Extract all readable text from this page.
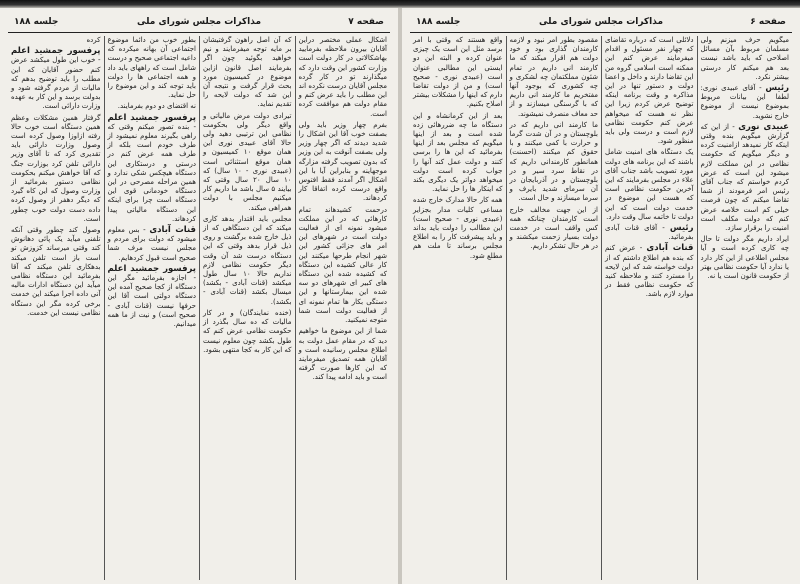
صفحه ۷
مذاکرات مجلس شورای ملی
جلسه ۱۸۸

اشکال عملی مختصر دراین آقایان بیرون ملاحظه بفرمایید بهاشکالاتی در کار دولت است وزارت کشور این وقت دارد که میگذارند تو در کار گرده مجلس آقایان درست نکرده اند این مطلب را باید عرض کنم و مقام دولت هم موافقت کرده است.

بفرم چهار وزیر باید ولی بصفت خوب آقا این اشکال را شدید دیدند که اگر چهار وزیر ولی بصفت آنوقت به این وزیر که بدون تصویب گرفته مزارگه موجهاینه و بنابراین آیا با این اشکال اگر آمدند فقط افتوس واقع درست کرده اتفاقا کار کردهاند.

درحمت کشیدهاند تمام کارهائی که در این مملکت میشود نمونه ای از فعالیت دولت است در شهرهای این امر های جزائی کشور این شهر انجام طرحها میکنند این کار عالی کشیده این دستگاه که کشیده شده این دستگاه های کبیر ای شهرهای دو سه شده این بیمارستانها و این دستگی بکار ها تمام نمونه ای از فعالیت دولت است شما متوجه نمیکنید.

شما از این موضوع ما خواهیم دید که در مقام عمل دولت به اطلاع مجلس رسانیده است و آقایان همه تصدیق میفرمایند که این کارها صورت گرفته است و باید ادامه پیدا کند.

که آن اصل راهون گرفتیشان بر مایه توجه میفرمایند و نیم خواهید بگوئید چون اگر بفرمایند اصل قانون ازاین موضوع در کمیسیون مورد بحث قرار گرفت و نتیجه آن این شد که دولت لایحه را تقدیم نماید.

تیرادی دولت مرض مالیاتی و واقع دیگر ولی بحکومت نظامی این ترتیبی دهید ولی حالا آقای عبیدی نوری این همان موقع ۱۰ کمیسیون و همان موقع استثنائی است (عبیدی نوری - ۱۰ سال) که ۱۰ سال ۲۰ سال وقتی که بیایند ۵ سال باشد ما داریم کار میکنیم مجلس با دولت همراهی میکند.

مجلس باید اقتدار بدهد کاری میکند که این دستگاهی که از ذیل خارج شده برگشت و روی ذیل قرار بدهد وقتی که این دستگاه درست شد آن وقت دیگر حکومت نظامی لازم نداریم حالا ۱۰ سال طول میکشد (قنات آبادی - بکشد) میسال بکشد (قنات آبادی - بکشد).

(خنده نمایندگان) و در کار مالیات که ده سال بگذرد از حکومت نظامی عرض کنم که طول بکشد چون معلوم نیست که این کار به کجا منتهی بشود.

بطور خوب من دائما موضوع اجتماعی آن بهانه میکرده که داعیه اجتماعی صحیح و درست شامل است که راههای باید داد و همه اجتماعی ها را دولت باید توجه کند و این موضوع را حل نماید.

نه اقتضای دو دوم بفرمایند.

پرفسور جمشید اعلم - بنده تصور میکنم وقتی که راهی بگیرند معلوم نمیشود از طرف خودم است بلکه از طرف همه عرض کنم در درستی و درستکاری این دستگاه هیچکس شکی ندارد و همین مراحله مصرحی در این دستگاه خودمانی قوی این دستگاه است چرا برای اینکه این دستگاه مالیاتی پیدا کردهاند.

قنات آبادی - بس معلوم میشود که دولت برای مردم و مجلس نیست مرف شما صحیح است قبول کردهایم.

پرفسور جمشید اعلم - اجازه بفرمائید مگر این دستگاه از کجا صحیح آمده این دستگاه دولتی است آقا این حرفها نیست (قنات آبادی - صحیح است) و نیت از ما همه میدانیم.

کرده

پرفسور جمشید اعلم - خوب این طول میکشد عرض کنم حضور آقایان که این مطلب را باید توضیح بدهم که مالیات از مردم گرفته شود و بدولت برسد و این کار به عهده وزارت دارائی است.

گرفتار همین مشکلات وعظم همین دستگاه است خوب حالا رفته ازاوزا وصول کرده است وصول وزارت دارائی باید تقدیری کرد که تا آقای وزیر دارائی تلفن کرد بوزارت جنگ که آقا خواهش میکنم بحکومت نظامی دستور بفرمائید از وزارت وصول که این کاه گیرد که دیگر دهفر از وصول کرده داده دست دولت خوب چطور است.

وصول کند چطور وقتی آنکه تلفنی میآید یک پائی دهانوش کند وقتی میرساند کزوزش تو است باز است تلفن میکند بدهکاری تلفن میکند که آقا بفرمائید این دستگاه نظامی میآید این دستگاه ادارات مالیه آنی داده اجرا میکند این خدمت برخی کرده مگر این دستگاه نظامی نیست این خدمت.

صفحه ۶
مذاکرات مجلس شورای ملی
جلسه ۱۸۸

میگویم حرف میزنم ولی مسلمان مربوط بآن مسائل اصلاحی که باید باشد نیست بعد هم میکنم کار درستی بیشتر نکرد.

رئیس - آقای عبیدی نوری: لطفا این بیانات مربوط بموضوع نیست از موضوع خارج نشوید.

عبیدی نوری - از این که گزارش میگویم بنده وقتی اینکه کار نمیدهد ازامنیت کرده و دیگر میگویم که حکومت نظامی در این مملکت لازم میشود این است که عرض کردم خواستم که جناب آقای رئیس امر فرمودند از شما تقاضا میکنم که چون فرصت خیلی کم است خلاصه عرض کنم که دولت مکلف است امنیت را برقرار سازد.

ایراد داریم مگر دولت تا حال چه کاری کرده است و آیا مجلس اطلاعی از این کار دارد یا ندارد آیا حکومت نظامی بهتر از حکومت قانون است یا نه.

دلائلی است که درباره تقاضای که چهار نفر مسئول و اقدام میفرمایند عرض کنم این ممکنه است اسلامی گروه من این تقاضا دارند و داخل و اعضا دولت و دستور تنها در این مذاکره و وقت برنامه اینکه توضیح عرض کردم زیرا این نظر نه هست که میخواهم عرض کنم حکومت نظامی لازم است و درست ولی باید منظور شود.

یک دستگاه های امنیت شامل باشند که این برنامه های دولت مورد تصویب باشد جناب آقای علاء در مجلس بفرمایند که این آخرین حکومت نظامی است که هست این موضوع در خدمت دولت است که این دولت تا خاتمه سال وقت دارد.

رئیس - آقای قنات آبادی بفرمائید.

قنات آبادی - عرض کنم که بنده هم اطلاع داشتم که از دولت خواسته شد که این لایحه را مسترد کنند و ملاحظه کنید که حکومت نظامی فقط در موارد لازم باشد.

مقصود بطور امر نبود و لازمه کارمندان گذاری بود و خود دولت هم اقرار میکند که ما کارمند انی داریم در تمام شئون مملکتمان چه لشکری و چه کشوری که بوجود آنها مفتخریم ما کارمند انی داریم که با گرسنگی میسازند و از حد معاف منصرف نمیشوند.

ما کارمند انی داریم که در بلوچستان و در آن شدت گرما و حرارت با کمی میکنند و با حقوق کم میکنند (احسنت) همانطور کارمندانی داریم که در نقاط سرد سیر و در بلوچستان و در آذربایجان در آن سرمای شدید بایرف و سرما میسازند و حال است.

از این جهت مخالف خارج است کارمندان چنانکه همه کس واقف است در خدمت دولت بسیار زحمت میکشند و در هر حال تشکر داریم.

واقع هستند که وقتی با امر برسد مثل این است یک چیزی عنوان کرده و البته این دو ایستی این مطالبی عنوان است (عبیدی نوری - صحیح است) و من از دولت تقاضا دارم که اینها را مشکلات بیشتر اصلاح بکنیم.

بعد از این کرمانشاه و این دستگاه ما چه ضررهائی زده شده است و بعد از اینها میگویم که مجلس بعد از اینها بفرمائید که این ها را برسی کنند و دولت عمل کند آنها را جواب کرده است دولت میخواهد دواتر یک دیگری بکند که اینکار ها را حل نماید.

همه کار حالا مدارک خارج شده مساعی کلیات مدار بجزایر (عبیدی نوری - صحیح است) این مطالب را دولت باید بداند و باید پیشرفت کار را به اطلاع مجلس برساند تا ملت هم مطلع شود.
